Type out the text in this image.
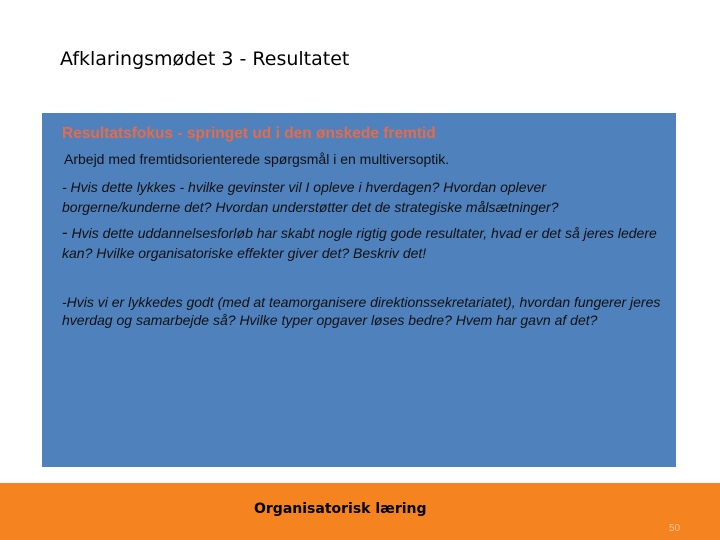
Afklaringsmødet 3 - Resultatet

Resultatsfokus - springet ud i den ønskede fremtid

Arbejd med fremtidsorienterede spørgsmål i en multiversoptik.

- Hvis dette lykkes - hvilke gevinster vil I opleve i hverdagen? Hvordan oplever borgerne/kunderne det? Hvordan understøtter det de strategiske målsætninger?

- Hvis dette uddannelsesforløb har skabt nogle rigtig gode resultater, hvad er det så jeres ledere kan? Hvilke organisatoriske effekter giver det? Beskriv det!

-Hvis vi er lykkedes godt (med at teamorganisere direktionssekretariatet), hvordan fungerer jeres hverdag og samarbejde så? Hvilke typer opgaver løses bedre? Hvem har gavn af det?

Organisatorisk læring
50
